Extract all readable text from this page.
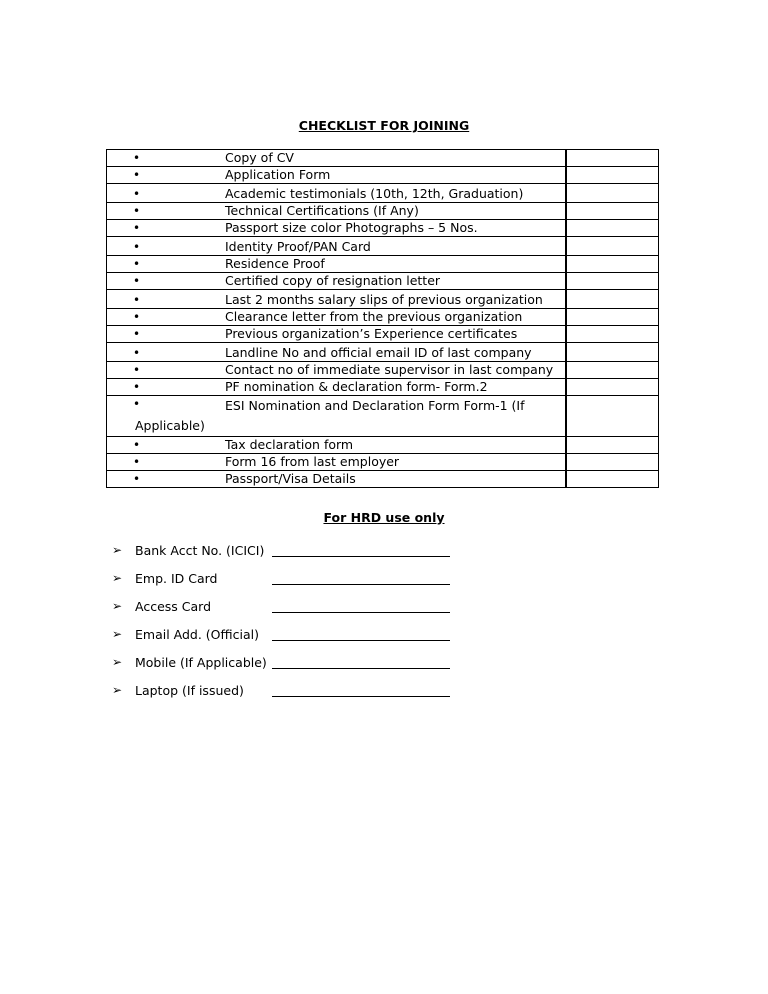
CHECKLIST FOR JOINING
• Copy of CV	

• Application Form	

• Academic testimonials (10th, 12th, Graduation)	

• Technical Certifications (If Any)	

• Passport size color Photographs – 5 Nos.	

• Identity Proof/PAN Card	

• Residence Proof	

• Certified copy of resignation letter	

• Last 2 months salary slips of previous organization	

• Clearance letter from the previous organization	

• Previous organization’s Experience certificates	

• Landline No and official email ID of last company	

• Contact no of immediate supervisor in last company	

• PF nomination & declaration form- Form.2	

• ESI Nomination and Declaration Form Form-1 (If
Applicable)	

• Tax declaration form	

• Form 16 from last employer	

• Passport/Visa Details	

For HRD use only
➢ Bank Acct No. (ICICI)
➢ Emp. ID Card
➢ Access Card
➢ Email Add. (Official)
➢ Mobile (If Applicable)
➢ Laptop (If issued)
